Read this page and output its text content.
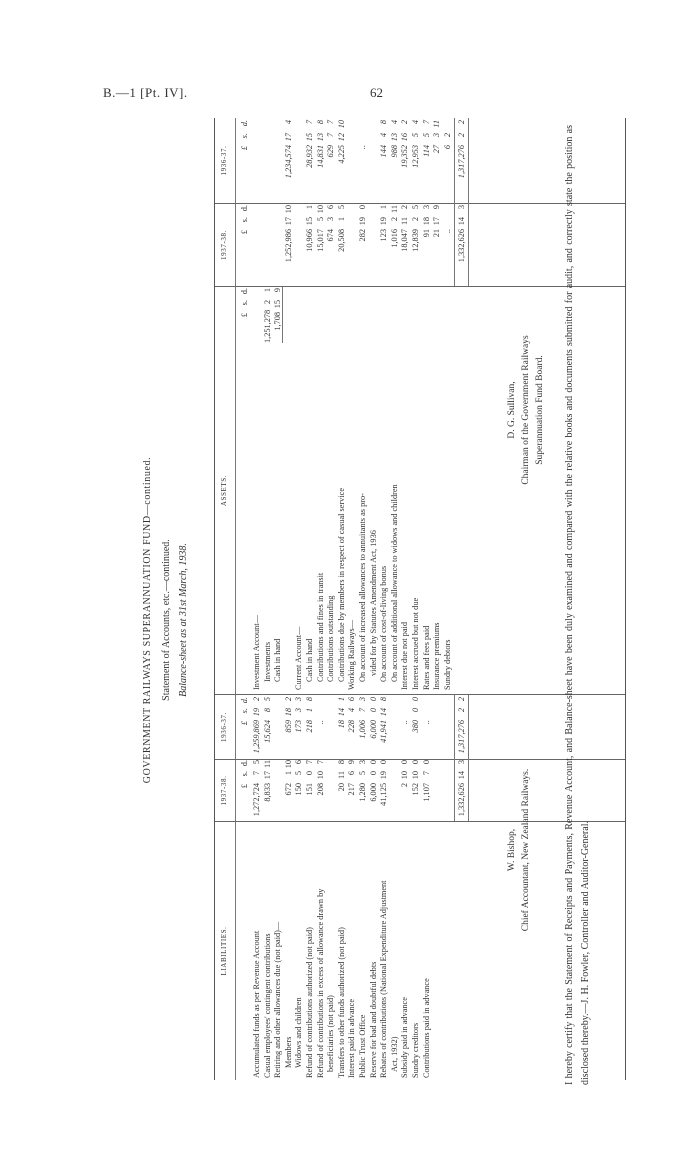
B.—1 [Pt. IV].	62
GOVERNMENT RAILWAYS SUPERANNUATION FUND—continued. Statement of Accounts, etc.—continued. Balance-sheet as at 31st March, 1938.
LIABILITIES.
1937-38.
1936-37.
ASSETS.
1937-38.
1936-37.
£
s.
d.
£
s.
d.
£
s.
d.
£
s.
d.
£
s.
d.
Accumulated funds as per Revenue Account
1,272,724
7
5
1,259,869
19
2
Casual employees' contingent contributions
8,833
17
11
15,624
8
5
Retiring and other allowances due (not paid)— Members
672
1
10
859
18
2
Widows and children
150
5
6
173
3
3
Refund of contributions authorized (not paid)
151
0
7
218
1
8
Refund of contributions in excess of allowance drawn by
208
10
7
..
beneficiaries (not paid) Transfers to other funds authorized (not paid)
20
11
8
18
14
1
Interest paid in advance
217
6
9
228
4
6
Public Trust Office
1,280
5
3
1,006
7
3
Reserve for bad and doubtful debts
6,000
0
0
6,000
0
0
Rebates of contributions (National Expenditure Adjustment
41,125
19
0
41,941
14
8
Act, 1932) Subsidy paid in advance
2
10
0
..
Sundry creditors
152
10
0
380
0
0
Contributions paid in advance
1,107
7
0
..
Investment Account— Investments
1,251,278
2
1
Cash in hand
1,708
15
9
1,252,986
17
10
1,234,574
17
4
Current Account— Cash in hand
10,966
15
1
28,932
15
7
Contributions and fines in transit
15,017
5
10
14,831
13
8
Contributions outstanding
674
3
6
629
7
7
Contributions due by members in respect of casual service
20,508
1
5
4,225
12
10
Working Railways— On account of increased allowances to annuitants as pro-
282
19
0
..
vided for by Statutes Amendment Act, 1936 On account of cost-of-living bonus
123
19
1
144
4
8
On account of additional allowance to widows and children
1,016
2
11
988
13
4
Interest due not paid
18,047
11
2
19,352
16
2
Interest accrued but not due
12,839
2
5
12,953
5
4
Rates and fees paid
91
18
3
114
5
7
Insurance premiums
21
17
9
27
3
11
Sundry debtors
..
6
2
1,332,626
14
3
1,317,276
2
2
1,332,626
14
3
1,317,276
2
2
W. Bishop, Chief Accountant, New Zealand Railways.
D. G. Sullivan, Chairman of the Government Railways Superannuation Fund Board. I hereby certify that the Statement of Receipts and Payments, Revenue Account, and Balance-sheet have been duly examined and compared with the relative books and documents submitted for audit, and correctly state the position as disclosed thereby.—J. H. Fowler, Controller and Auditor-General.
